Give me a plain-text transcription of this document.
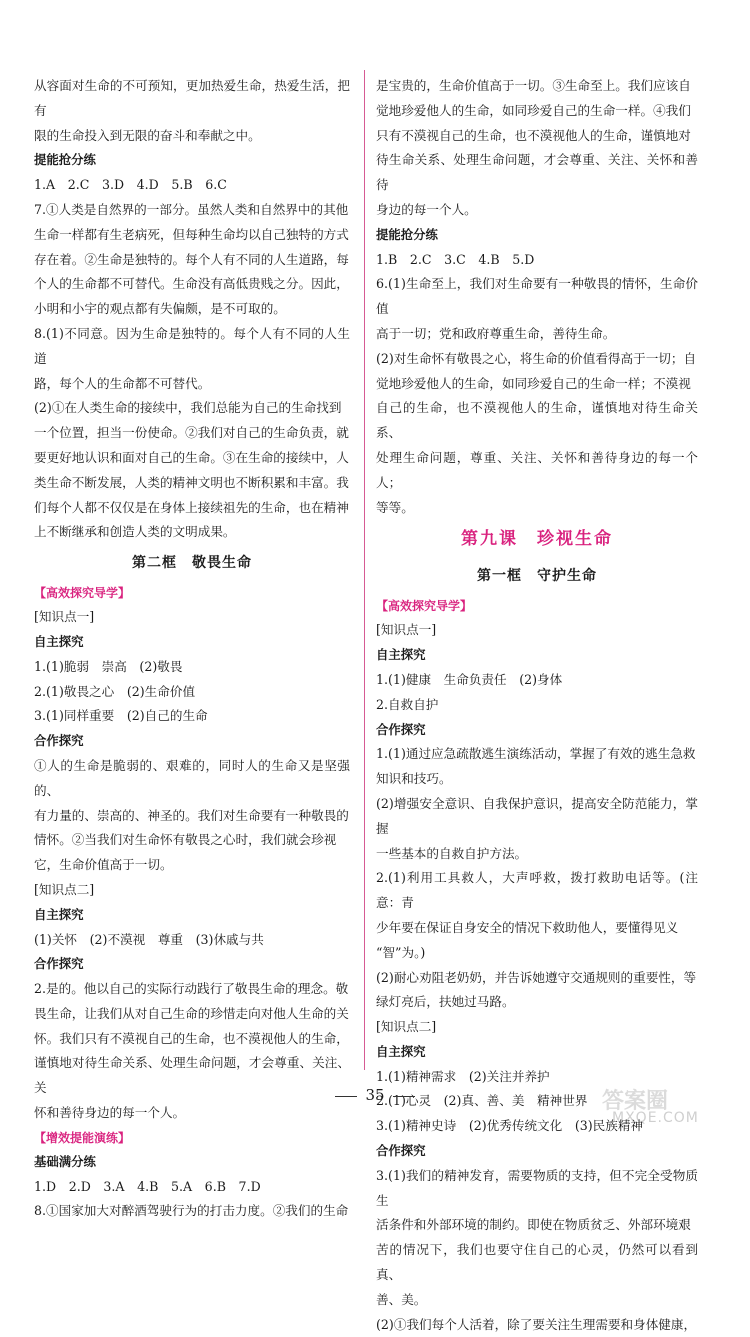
从容面对生命的不可预知，更加热爱生命，热爱生活，把有

限的生命投入到无限的奋斗和奉献之中。

提能抢分练

1.A　2.C　3.D　4.D　5.B　6.C

7.①人类是自然界的一部分。虽然人类和自然界中的其他

生命一样都有生老病死，但每种生命均以自己独特的方式

存在着。②生命是独特的。每个人有不同的人生道路，每

个人的生命都不可替代。生命没有高低贵贱之分。因此，

小明和小宇的观点都有失偏颇，是不可取的。

8.(1)不同意。因为生命是独特的。每个人有不同的人生道

路，每个人的生命都不可替代。

(2)①在人类生命的接续中，我们总能为自己的生命找到

一个位置，担当一份使命。②我们对自己的生命负责，就

要更好地认识和面对自己的生命。③在生命的接续中，人

类生命不断发展，人类的精神文明也不断积累和丰富。我

们每个人都不仅仅是在身体上接续祖先的生命，也在精神

上不断继承和创造人类的文明成果。

第二框　敬畏生命

【高效探究导学】

[知识点一]

自主探究

1.(1)脆弱　崇高　(2)敬畏

2.(1)敬畏之心　(2)生命价值

3.(1)同样重要　(2)自己的生命

合作探究

①人的生命是脆弱的、艰难的，同时人的生命又是坚强的、

有力量的、崇高的、神圣的。我们对生命要有一种敬畏的

情怀。②当我们对生命怀有敬畏之心时，我们就会珍视

它，生命价值高于一切。

[知识点二]

自主探究

(1)关怀　(2)不漠视　尊重　(3)休戚与共

合作探究

2.是的。他以自己的实际行动践行了敬畏生命的理念。敬

畏生命，让我们从对自己生命的珍惜走向对他人生命的关

怀。我们只有不漠视自己的生命，也不漠视他人的生命，

谨慎地对待生命关系、处理生命问题，才会尊重、关注、关

怀和善待身边的每一个人。

【增效提能演练】

基础满分练

1.D　2.D　3.A　4.B　5.A　6.B　7.D

8.①国家加大对醉酒驾驶行为的打击力度。②我们的生命

是宝贵的，生命价值高于一切。③生命至上。我们应该自

觉地珍爱他人的生命，如同珍爱自己的生命一样。④我们

只有不漠视自己的生命，也不漠视他人的生命，谨慎地对

待生命关系、处理生命问题，才会尊重、关注、关怀和善待

身边的每一个人。

提能抢分练

1.B　2.C　3.C　4.B　5.D

6.(1)生命至上，我们对生命要有一种敬畏的情怀，生命价值

高于一切；党和政府尊重生命，善待生命。

(2)对生命怀有敬畏之心，将生命的价值看得高于一切；自

觉地珍爱他人的生命，如同珍爱自己的生命一样；不漠视

自己的生命，也不漠视他人的生命，谨慎地对待生命关系、

处理生命问题，尊重、关注、关怀和善待身边的每一个人；

等等。

第九课　珍视生命

第一框　守护生命

【高效探究导学】

[知识点一]

自主探究

1.(1)健康　生命负责任　(2)身体

2.自救自护

合作探究

1.(1)通过应急疏散逃生演练活动，掌握了有效的逃生急救

知识和技巧。

(2)增强安全意识、自我保护意识，提高安全防范能力，掌握

一些基本的自救自护方法。

2.(1)利用工具救人，大声呼救，拨打救助电话等。(注意：青

少年要在保证自身安全的情况下救助他人，要懂得见义

“智”为。)

(2)耐心劝阻老奶奶，并告诉她遵守交通规则的重要性，等

绿灯亮后，扶她过马路。

[知识点二]

自主探究

1.(1)精神需求　(2)关注并养护

2.(1)心灵　(2)真、善、美　精神世界

3.(1)精神史诗　(2)优秀传统文化　(3)民族精神

合作探究

3.(1)我们的精神发育，需要物质的支持，但不完全受物质生

活条件和外部环境的制约。即使在物质贫乏、外部环境艰

苦的情况下，我们也要守住自己的心灵，仍然可以看到真、

善、美。

(2)①我们每个人活着，除了要关注生理需要和身体健康，

35	答案圈
MXQE.COM
